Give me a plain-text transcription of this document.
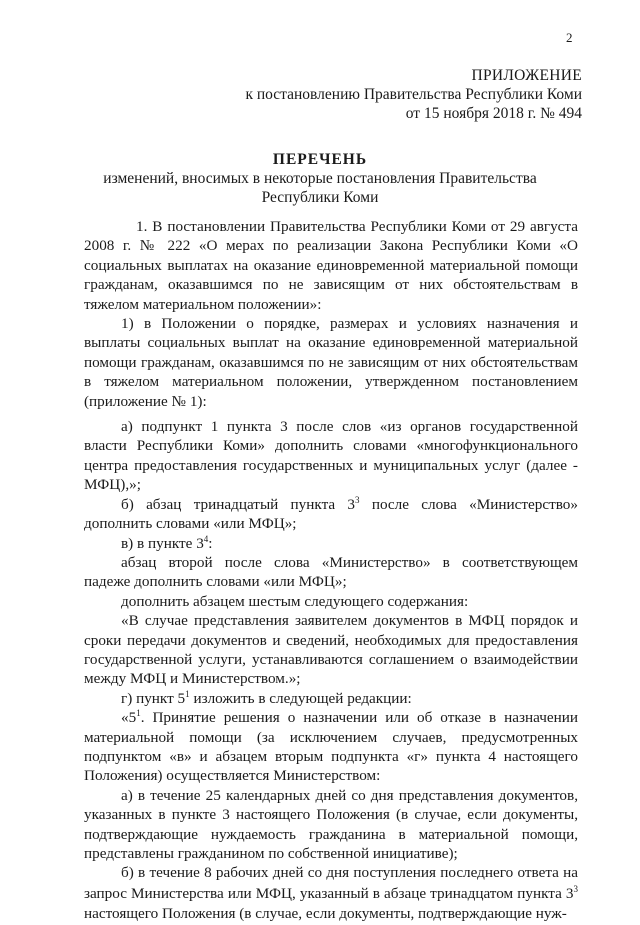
2
ПРИЛОЖЕНИЕ
к постановлению Правительства Республики Коми
от 15 ноября 2018 г. № 494
ПЕРЕЧЕНЬ
изменений, вносимых в некоторые постановления Правительства
Республики Коми

1. В постановлении Правительства Республики Коми от 29 августа 2008 г. № 222 «О мерах по реализации Закона Республики Коми «О социальных выплатах на оказание единовременной материальной помощи гражданам, оказавшимся по не зависящим от них обстоятельствам в тяжелом материальном положении»:

1) в Положении о порядке, размерах и условиях назначения и выплаты социальных выплат на оказание единовременной материальной помощи гражданам, оказавшимся по не зависящим от них обстоятельствам в тяжелом материальном положении, утвержденном постановлением (приложение № 1):

а) подпункт 1 пункта 3 после слов «из органов государственной власти Республики Коми» дополнить словами «многофункционального центра предоставления государственных и муниципальных услуг (далее - МФЦ),»;

б) абзац тринадцатый пункта $3^3$ после слова «Министерство» дополнить словами «или МФЦ»;

в) в пункте $3^4$:

абзац второй после слова «Министерство» в соответствующем падеже дополнить словами «или МФЦ»;

дополнить абзацем шестым следующего содержания:

«В случае представления заявителем документов в МФЦ порядок и сроки передачи документов и сведений, необходимых для предоставления государственной услуги, устанавливаются соглашением о взаимодействии между МФЦ и Министерством.»;

г) пункт $5^1$ изложить в следующей редакции:

«$5^1$. Принятие решения о назначении или об отказе в назначении материальной помощи (за исключением случаев, предусмотренных подпунктом «в» и абзацем вторым подпункта «г» пункта 4 настоящего Положения) осуществляется Министерством:

а) в течение 25 календарных дней со дня представления документов, указанных в пункте 3 настоящего Положения (в случае, если документы, подтверждающие нуждаемость гражданина в материальной помощи, представлены гражданином по собственной инициативе);

б) в течение 8 рабочих дней со дня поступления последнего ответа на запрос Министерства или МФЦ, указанный в абзаце тринадцатом пункта $3^3$ настоящего Положения (в случае, если документы, подтверждающие нуж-
